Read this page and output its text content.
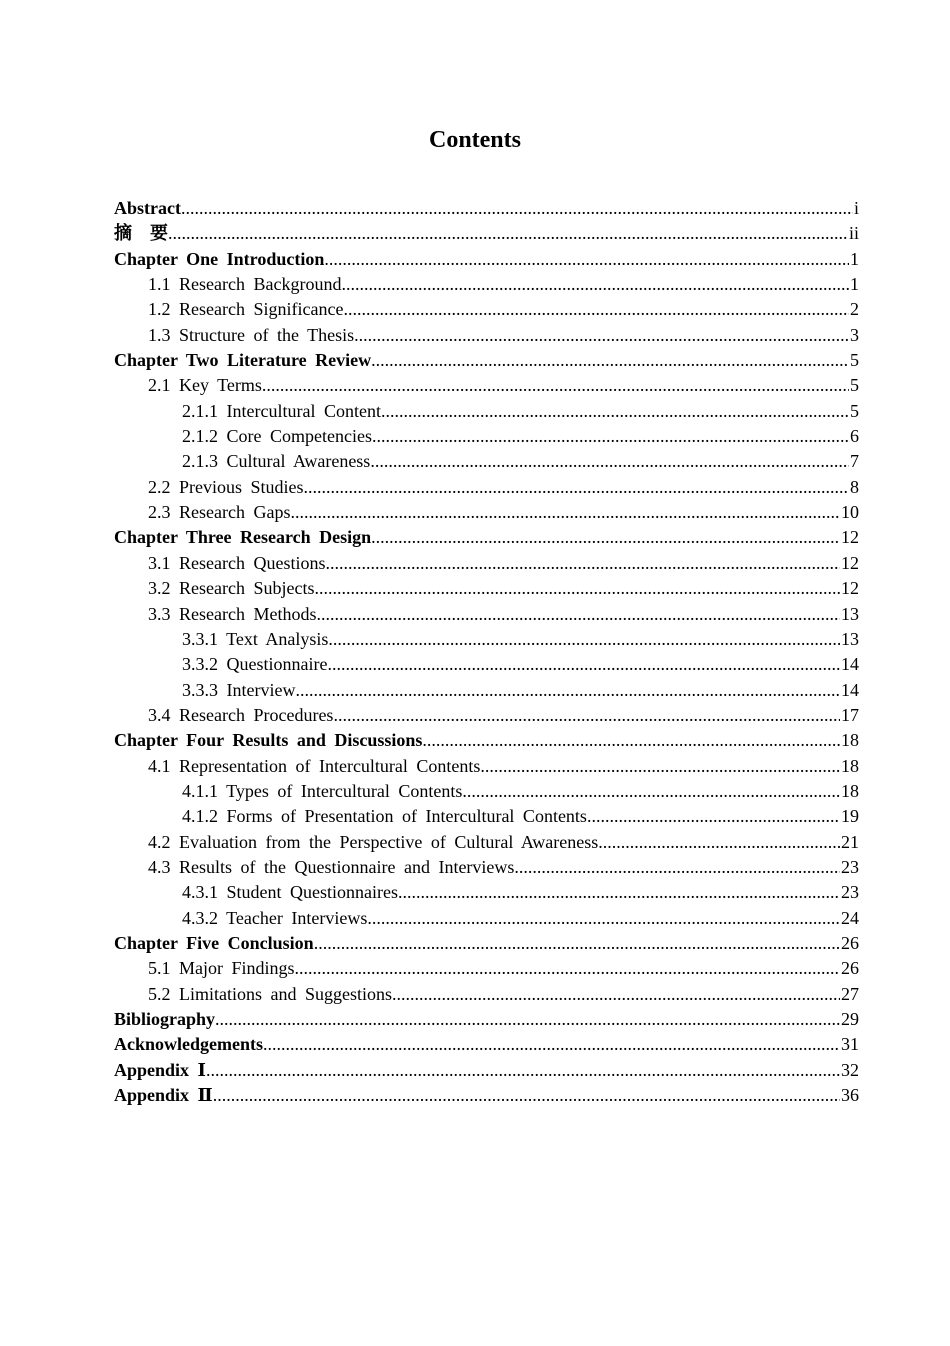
Contents
Abstract .....	i
摘　要 .....	ii
Chapter One Introduction .....	1
1.1 Research Background .....	1
1.2 Research Significance .....	2
1.3 Structure of the Thesis .....	3
Chapter Two Literature Review .....	5
2.1 Key Terms .....	5
2.1.1 Intercultural Content .....	5
2.1.2 Core Competencies .....	6
2.1.3 Cultural Awareness .....	7
2.2 Previous Studies .....	8
2.3 Research Gaps .....	10
Chapter Three Research Design .....	12
3.1 Research Questions .....	12
3.2 Research Subjects .....	12
3.3 Research Methods .....	13
3.3.1 Text Analysis .....	13
3.3.2 Questionnaire .....	14
3.3.3 Interview .....	14
3.4 Research Procedures .....	17
Chapter Four Results and Discussions .....	18
4.1 Representation of Intercultural Contents .....	18
4.1.1 Types of Intercultural Contents .....	18
4.1.2 Forms of Presentation of Intercultural Contents .....	19
4.2 Evaluation from the Perspective of Cultural Awareness .....	21
4.3 Results of the Questionnaire and Interviews .....	23
4.3.1 Student Questionnaires .....	23
4.3.2 Teacher Interviews .....	24
Chapter Five Conclusion .....	26
5.1 Major Findings .....	26
5.2 Limitations and Suggestions .....	27
Bibliography .....	29
Acknowledgements .....	31
Appendix Ⅰ .....	32
Appendix Ⅱ .....	36
